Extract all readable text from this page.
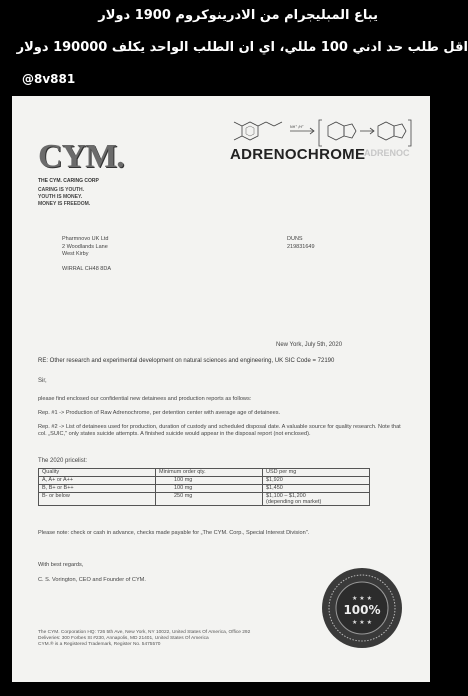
يباع المبليجرام من الادرينوكروم 1900 دولار
اقل طلب حد ادني 100 مللي، اي ان الطلب الواحد يكلف 190000 دولار
@8v881
CYM.
THE CYM. CARING CORP
CARING IS YOUTH.
YOUTH IS MONEY.
MONEY IS FREEDOM.
NH⁺ /H⁺
ADRENOCHROME
ADRENOC
Pharmnovo UK Ltd
2 Woodlands Lane
West Kirby

WIRRAL CH48 8DA
DUNS
219831649
New York, July 5th, 2020
RE: Other research and experimental development on natural sciences and engineering, UK SIC Code = 72190
Sir,
please find enclosed our confidential new detainees and production reports as follows:
Rep. #1 -> Production of Raw Adrenochrome, per detention center with average age of detainees.
Rep. #2 -> List of detainees used for production, duration of custody and scheduled disposal date. A valuable source for quality research. Note that col. „SUIC," only states suicide attempts. A finished suicide would appear in the disposal report (not enclosed).
The 2020 pricelist:
Quality	Minimum order qty.	USD per mg
A, A+ or A++	100 mg	$1,920
B, B+ or B++	100 mg	$1,450
B- or below	250 mg	$1,100 – $1,200
(depending on market)
Please note: check or cash in advance, checks made payable for „The CYM. Corp., Special Interest Division".
With best regards,
C. S. Vorington, CEO and Founder of CYM.
★ ★ ★
100%
★ ★ ★
The CYM. Corporation HQ: 726 5th Ave, New York, NY 10022, United States Of America, Office 292
Deliveries: 300 Forbes St #230, Annapolis, MD 21401, United States Of America
CYM.® is a Registered Trademark, Register No. 5475570
